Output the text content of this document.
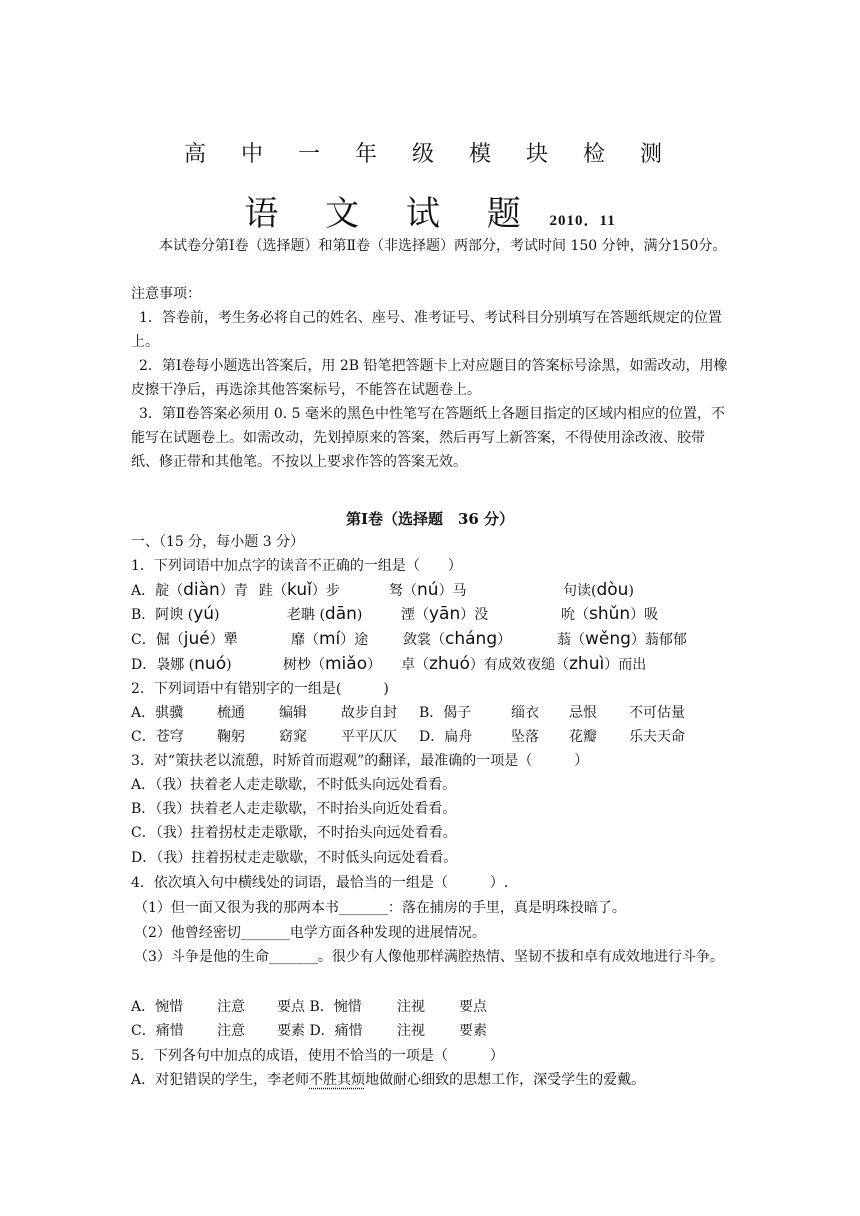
高 中 一 年 级 模 块 检 测
语 文 试 题 2010．11
本试卷分第Ⅰ卷（选择题）和第Ⅱ卷（非选择题）两部分，考试时间 150 分钟，满分150分。
注意事项：
1．答卷前，考生务必将自己的姓名、座号、准考证号、考试科目分别填写在答题纸规定的位置上。
2．第Ⅰ卷每小题选出答案后，用 2B 铅笔把答题卡上对应题目的答案标号涂黑，如需改动，用橡皮擦干净后，再选涂其他答案标号，不能答在试题卷上。
3．第Ⅱ卷答案必须用 0. 5 毫米的黑色中性笔写在答题纸上各题目指定的区域内相应的位置，不能写在试题卷上。如需改动，先划掉原来的答案，然后再写上新答案，不得使用涂改液、胶带纸、修正带和其他笔。不按以上要求作答的答案无效。
第Ⅰ卷（选择题　36 分）
一、（15 分，每小题 3 分）
1．下列词语中加点字的读音不正确的一组是（　　）
A．靛（diàn）青 跬（kuǐ）步	驽（nú）马	句读(dòu)
B．阿谀 (yú)	老聃 (dān)	湮（yān）没	吮（shǔn）吸
C．倔（jué）犟	靡（mí）途 敛裳（cháng）	蓊（wěng）蓊郁郁
D．袅娜 (nuó)	树杪（miǎo） 卓（zhuó）有成效 夜缒（zhuì）而出
2．下列词语中有错别字的一组是(　　　)
A．骐骥 梳通 编辑 故步自封 B．偈子	缁衣 忌恨 不可估量
C．苍穹 鞠躬 窈窕 平平仄仄 D．扁舟	坠落 花瓣 乐夫天命
3．对“策扶老以流憩，时矫首而遐观”的翻译，最准确的一项是（　　　）
A．（我）扶着老人走走歇歇，不时低头向远处看看。
B．（我）扶着老人走走歇歇，不时抬头向近处看看。
C．（我）拄着拐杖走走歇歇，不时抬头向远处看看。
D．（我）拄着拐杖走走歇歇，不时低头向远处看看。
4．依次填入句中横线处的词语，最恰当的一组是（　　　）.
（1）但一面又很为我的那两本书_______：落在捕房的手里，真是明珠投暗了。
（2）他曾经密切_______电学方面各种发现的进展情况。
（3）斗争是他的生命_______。很少有人像他那样满腔热情、坚韧不拔和卓有成效地进行斗争。
A．惋惜 注意 要点 B．惋惜	注视 要点
C．痛惜 注意 要素 D．痛惜 注视 要素
5．下列各句中加点的成语，使用不恰当的一项是（　　　）
A．对犯错误的学生，李老师不胜其烦地做耐心细致的思想工作，深受学生的爱戴。
